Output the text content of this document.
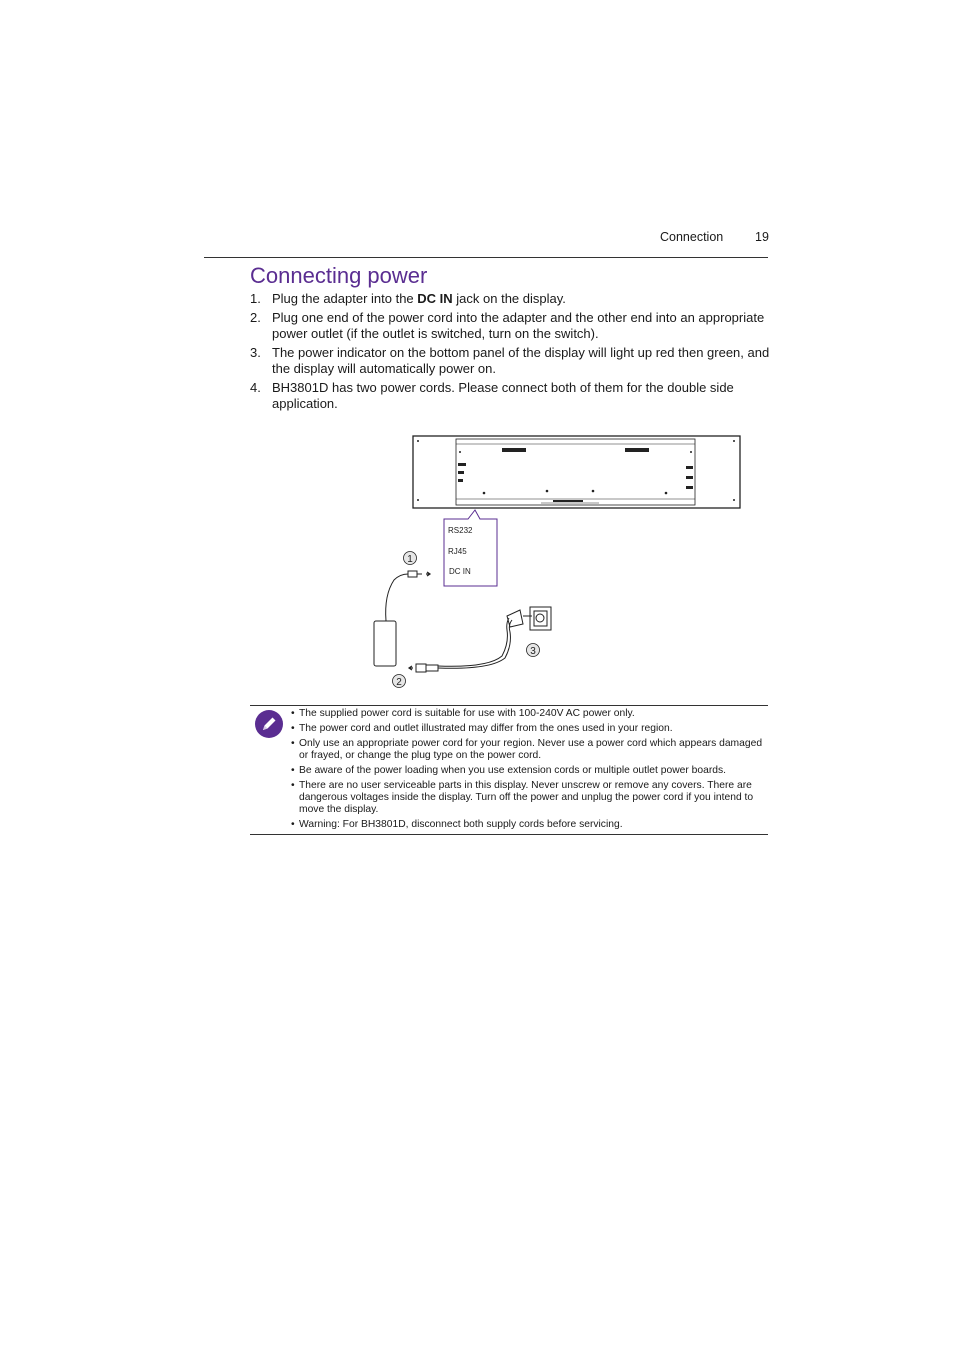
Connection	19
Connecting power
1. Plug the adapter into the DC IN jack on the display.
2. Plug one end of the power cord into the adapter and the other end into an appropriate power outlet (if the outlet is switched, turn on the switch).
3. The power indicator on the bottom panel of the display will light up red then green, and the display will automatically power on.
4. BH3801D has two power cords. Please connect both of them for the double side application.
RS232
RJ45
DC IN
1
2
3
• The supplied power cord is suitable for use with 100-240V AC power only.
• The power cord and outlet illustrated may differ from the ones used in your region.
• Only use an appropriate power cord for your region. Never use a power cord which appears damaged or frayed, or change the plug type on the power cord.
• Be aware of the power loading when you use extension cords or multiple outlet power boards.
• There are no user serviceable parts in this display. Never unscrew or remove any covers. There are dangerous voltages inside the display. Turn off the power and unplug the power cord if you intend to move the display.
• Warning: For BH3801D, disconnect both supply cords before servicing.
